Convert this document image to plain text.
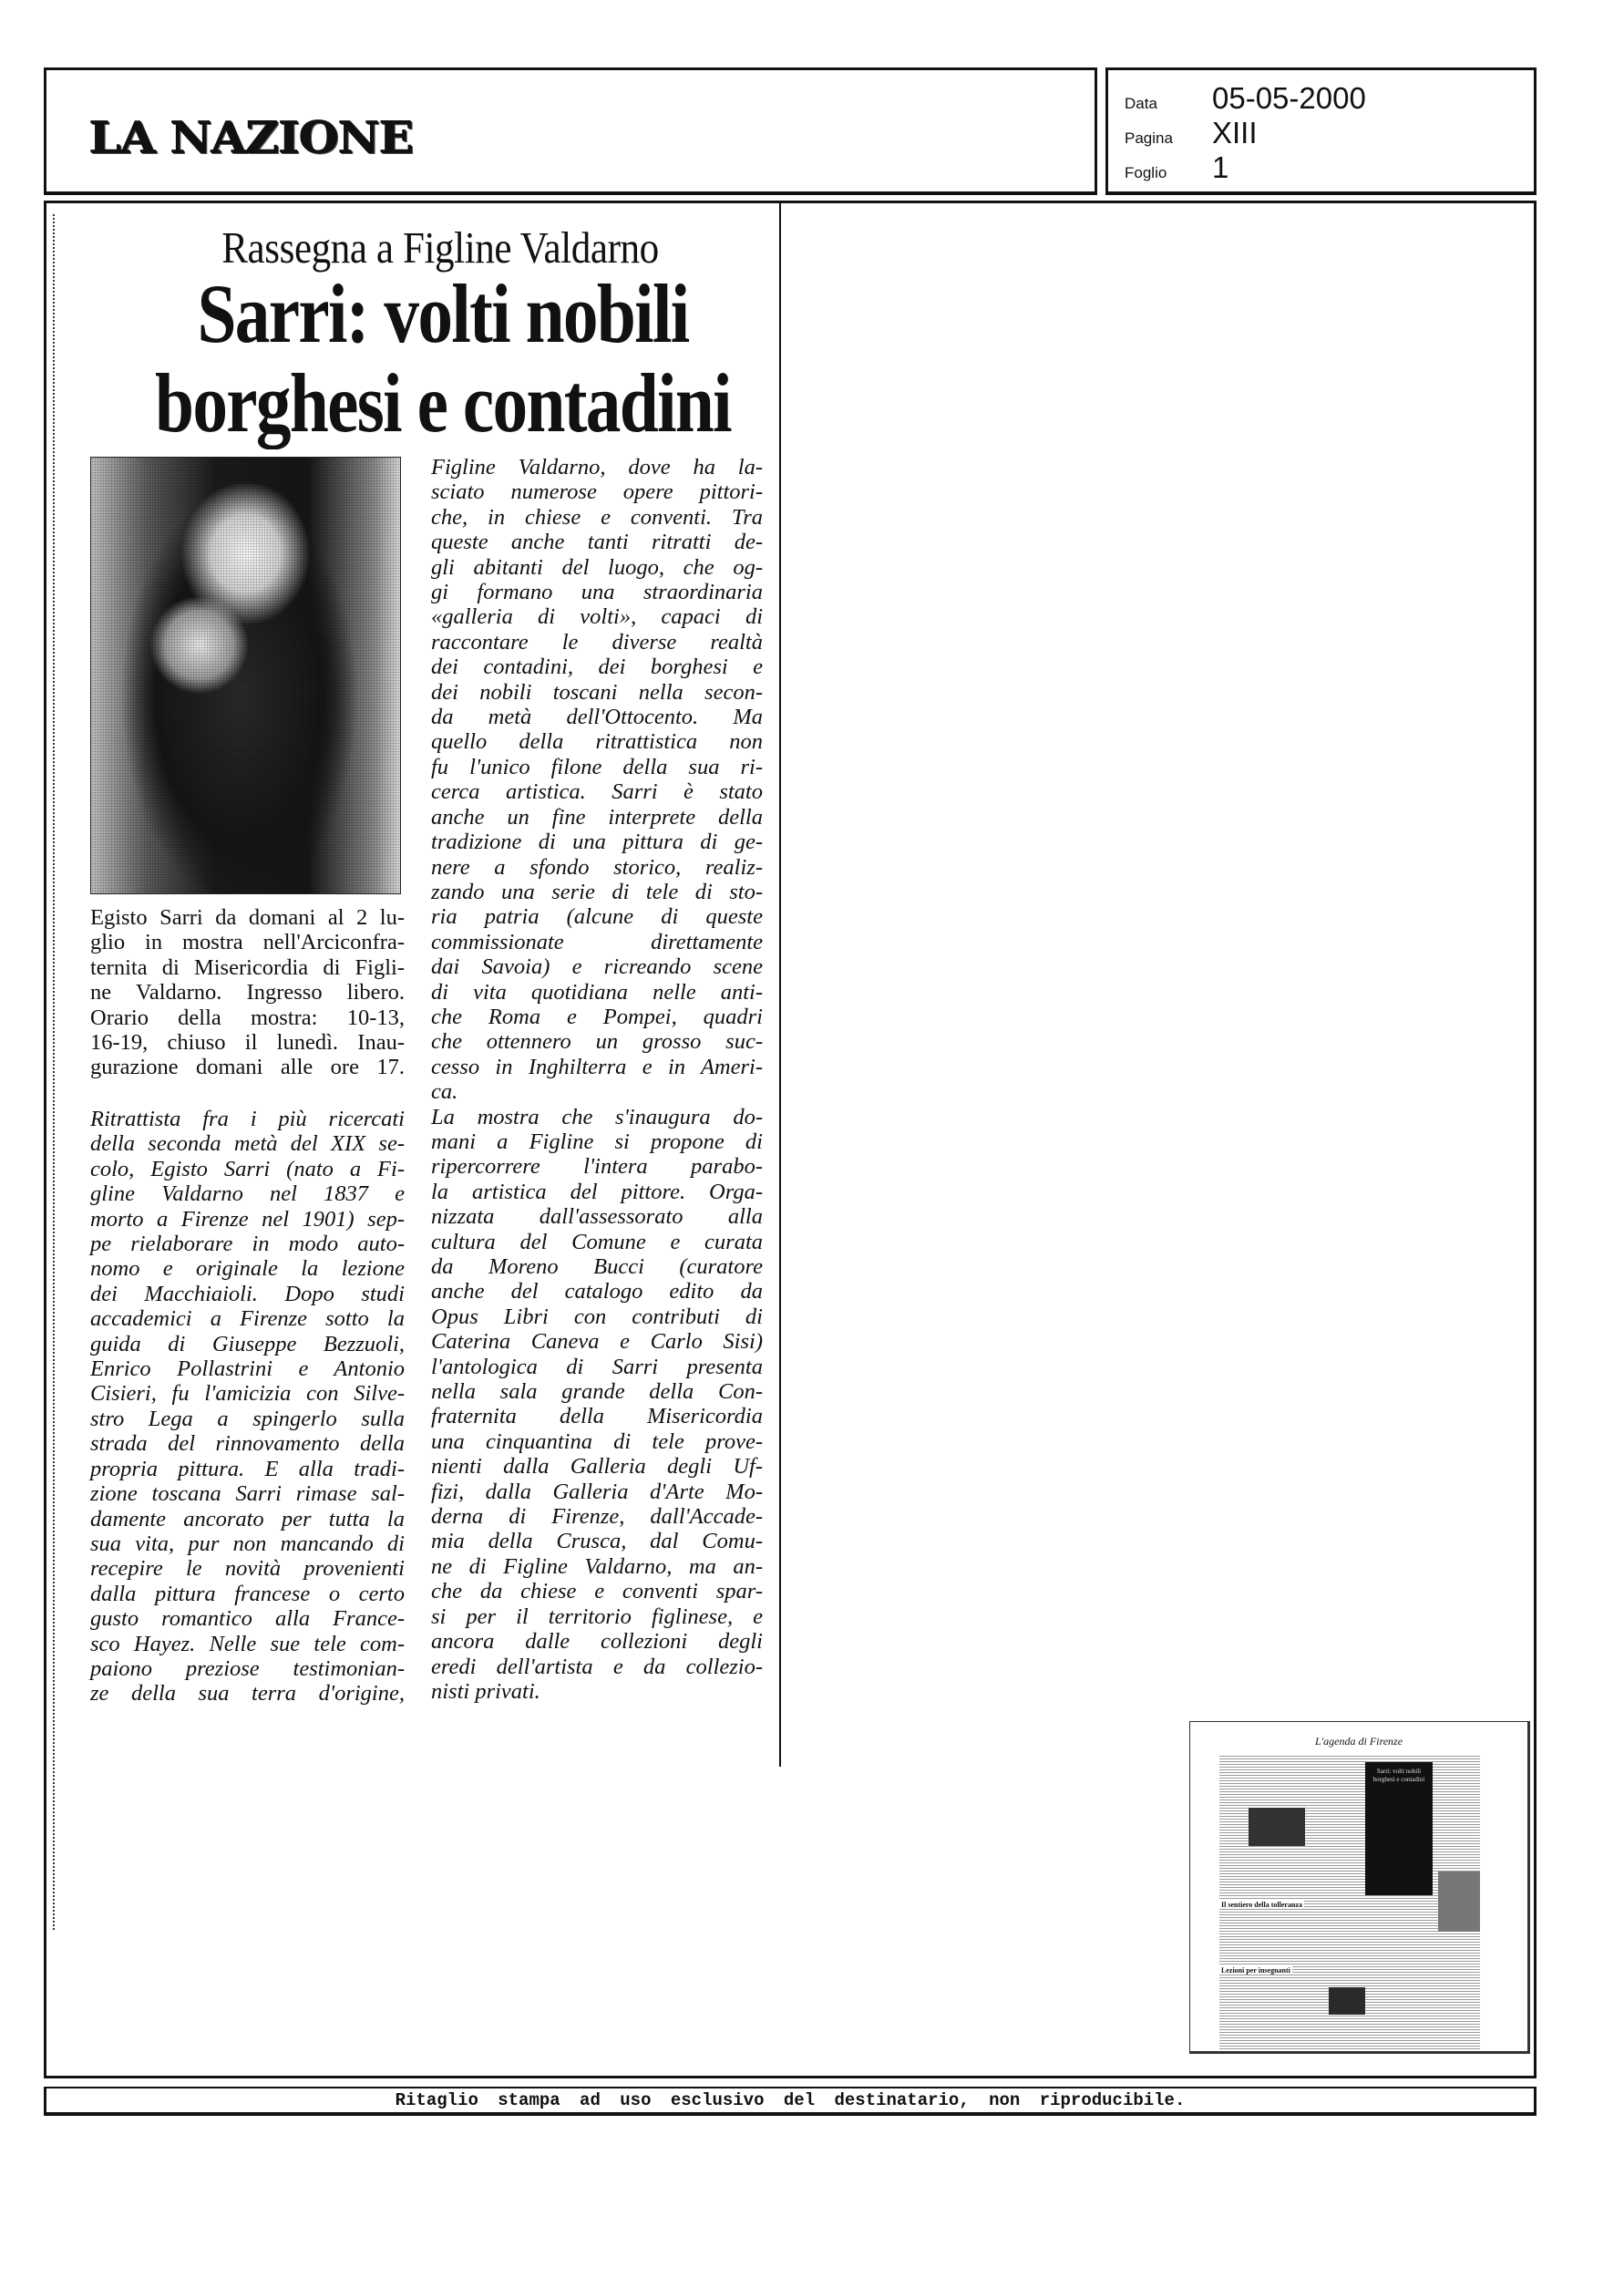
LA NAZIONE
Data	05-05-2000
Pagina	XIII
Foglio	1
Rassegna a Figline Valdarno
Sarri: volti nobili
borghesi e contadini
Egisto Sarri da domani al 2 lu-
glio in mostra nell'Arciconfra-
ternita di Misericordia di Figli-
ne Valdarno. Ingresso libero.
Orario della mostra: 10-13,
16-19, chiuso il lunedì. Inau-
gurazione domani alle ore 17.
Ritrattista fra i più ricercati
della seconda metà del XIX se-
colo, Egisto Sarri (nato a Fi-
gline Valdarno nel 1837 e
morto a Firenze nel 1901) sep-
pe rielaborare in modo auto-
nomo e originale la lezione
dei Macchiaioli. Dopo studi
accademici a Firenze sotto la
guida di Giuseppe Bezzuoli,
Enrico Pollastrini e Antonio
Cisieri, fu l'amicizia con Silve-
stro Lega a spingerlo sulla
strada del rinnovamento della
propria pittura. E alla tradi-
zione toscana Sarri rimase sal-
damente ancorato per tutta la
sua vita, pur non mancando di
recepire le novità provenienti
dalla pittura francese o certo
gusto romantico alla France-
sco Hayez. Nelle sue tele com-
paiono preziose testimonian-
ze della sua terra d'origine,

Figline Valdarno, dove ha la-
sciato numerose opere pittori-
che, in chiese e conventi. Tra
queste anche tanti ritratti de-
gli abitanti del luogo, che og-
gi formano una straordinaria
«galleria di volti», capaci di
raccontare le diverse realtà
dei contadini, dei borghesi e
dei nobili toscani nella secon-
da metà dell'Ottocento. Ma
quello della ritrattistica non
fu l'unico filone della sua ri-
cerca artistica. Sarri è stato
anche un fine interprete della
tradizione di una pittura di ge-
nere a sfondo storico, realiz-
zando una serie di tele di sto-
ria patria (alcune di queste
commissionate direttamente
dai Savoia) e ricreando scene
di vita quotidiana nelle anti-
che Roma e Pompei, quadri
che ottennero un grosso suc-
cesso in Inghilterra e in Ameri-
ca.

La mostra che s'inaugura do-
mani a Figline si propone di
ripercorrere l'intera parabo-
la artistica del pittore. Orga-
nizzata dall'assessorato alla
cultura del Comune e curata
da Moreno Bucci (curatore
anche del catalogo edito da
Opus Libri con contributi di
Caterina Caneva e Carlo Sisi)
l'antologica di Sarri presenta
nella sala grande della Con-
fraternita della Misericordia
una cinquantina di tele prove-
nienti dalla Galleria degli Uf-
fizi, dalla Galleria d'Arte Mo-
derna di Firenze, dall'Accade-
mia della Crusca, dal Comu-
ne di Figline Valdarno, ma an-
che da chiese e conventi spar-
si per il territorio figlinese, e
ancora dalle collezioni degli
eredi dell'artista e da collezio-
nisti privati.

L'agenda di Firenze
Sarri: volti nobili borghesi e contadini
Il sentiero della tolleranza
Lezioni per insegnanti
Ritaglio stampa ad uso esclusivo del destinatario, non riproducibile.
